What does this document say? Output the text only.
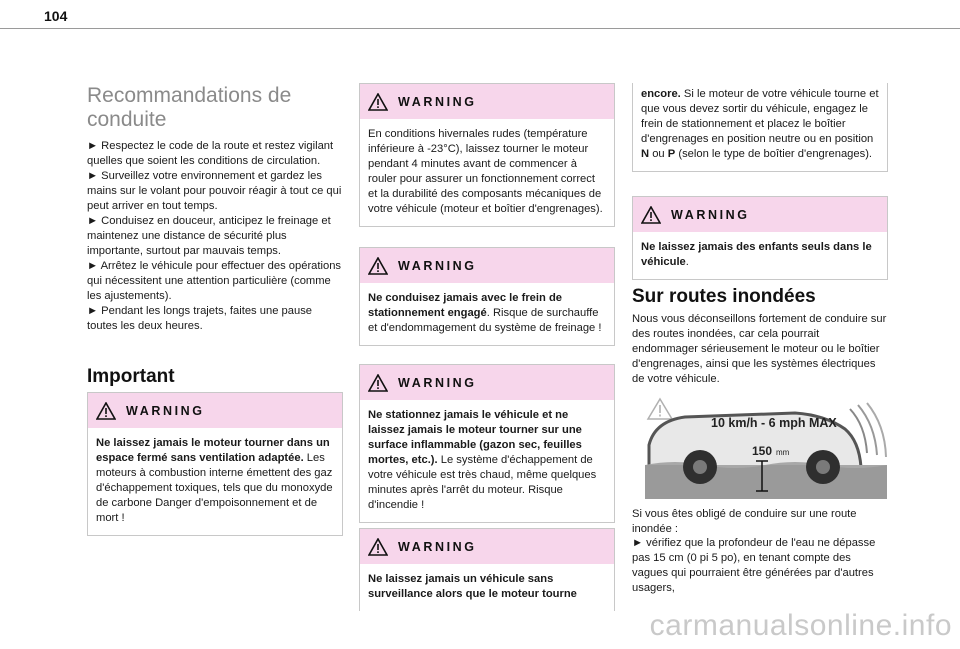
104
Recommandations de conduite
► Respectez le code de la route et restez vigilant quelles que soient les conditions de circulation.
► Surveillez votre environnement et gardez les mains sur le volant pour pouvoir réagir à tout ce qui peut arriver en tout temps.
► Conduisez en douceur, anticipez le freinage et maintenez une distance de sécurité plus importante, surtout par mauvais temps.
► Arrêtez le véhicule pour effectuer des opérations qui nécessitent une attention particulière (comme les ajustements).
► Pendant les longs trajets, faites une pause toutes les deux heures.
Important
WARNING
Ne laissez jamais le moteur tourner dans un espace fermé sans ventilation adaptée. Les moteurs à combustion interne émettent des gaz d'échappement toxiques, tels que du monoxyde de carbone Danger d'empoisonnement et de mort !
WARNING
En conditions hivernales rudes (température inférieure à -23°C), laissez tourner le moteur pendant 4 minutes avant de commencer à rouler pour assurer un fonctionnement correct et la durabilité des composants mécaniques de votre véhicule (moteur et boîtier d'engrenages).
WARNING
Ne conduisez jamais avec le frein de stationnement engagé. Risque de surchauffe et d'endommagement du système de freinage !
WARNING
Ne stationnez jamais le véhicule et ne laissez jamais le moteur tourner sur une surface inflammable (gazon sec, feuilles mortes, etc.). Le système d'échappement de votre véhicule est très chaud, même quelques minutes après l'arrêt du moteur. Risque d'incendie !
WARNING
Ne laissez jamais un véhicule sans surveillance alors que le moteur tourne
encore. Si le moteur de votre véhicule tourne et que vous devez sortir du véhicule, engagez le frein de stationnement et placez le boîtier d'engrenages en position neutre ou en position N ou P (selon le type de boîtier d'engrenages).
WARNING
Ne laissez jamais des enfants seuls dans le véhicule.
Sur routes inondées
Nous vous déconseillons fortement de conduire sur des routes inondées, car cela pourrait endommager sérieusement le moteur ou le boîtier d'engrenages, ainsi que les systèmes électriques de votre véhicule.
Si vous êtes obligé de conduire sur une route inondée :
► vérifiez que la profondeur de l'eau ne dépasse pas 15 cm (0 pi 5 po), en tenant compte des vagues qui pourraient être générées par d'autres usagers,
10 km/h - 6 mph MAX
150 mm
carmanualsonline.info
